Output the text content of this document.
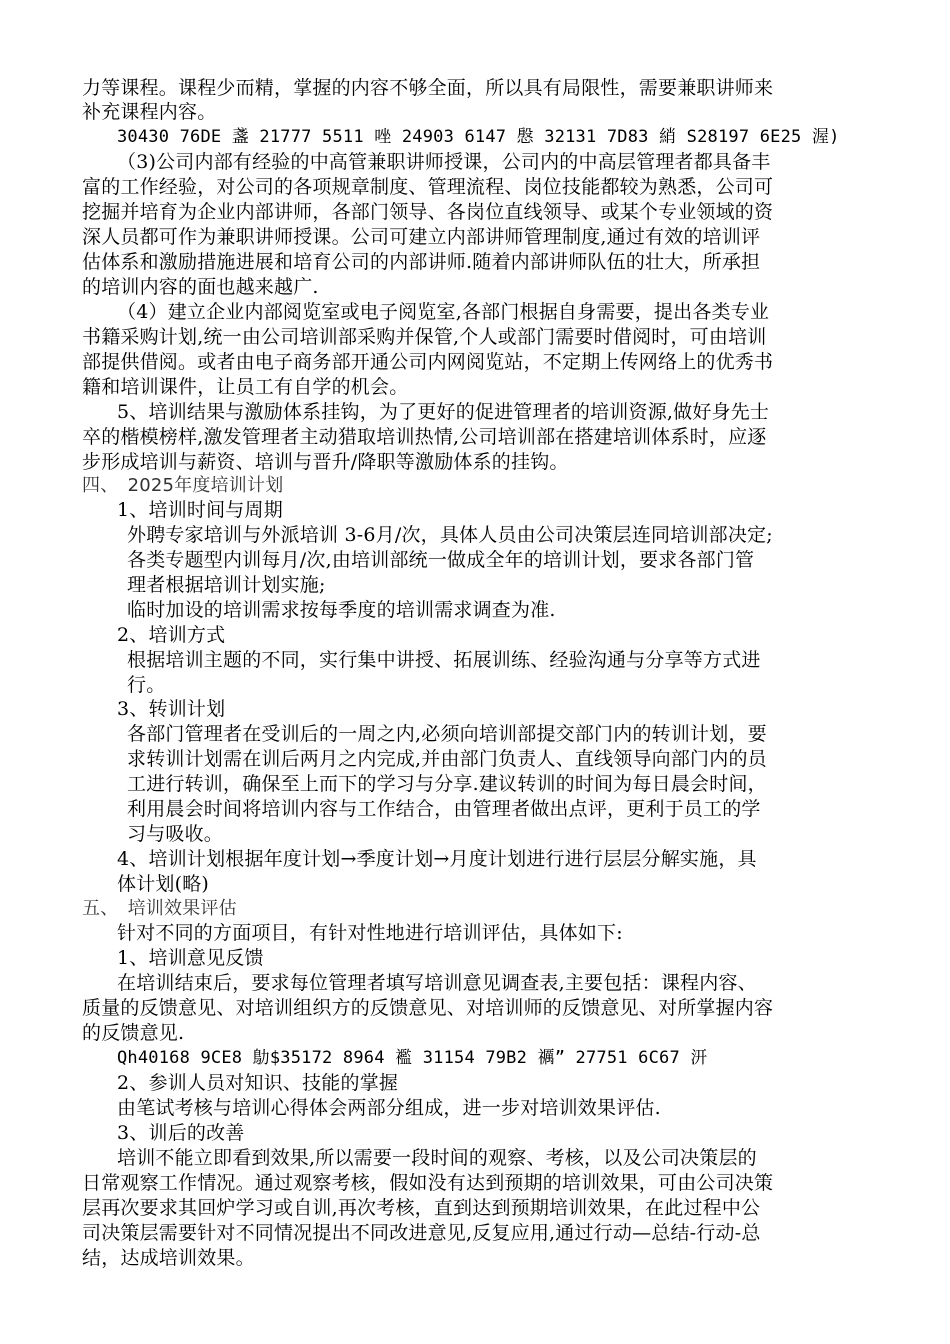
力等课程。课程少而精，掌握的内容不够全面，所以具有局限性，需要兼职讲师来
补充课程内容。
30430 76DE 盞 21777 5511 唑 24903 6147 慇 32131 7D83 綃 S28197 6E25 渥)
（3)公司内部有经验的中高管兼职讲师授课，公司内的中高层管理者都具备丰
富的工作经验，对公司的各项规章制度、管理流程、岗位技能都较为熟悉，公司可
挖掘并培育为企业内部讲师，各部门领导、各岗位直线领导、或某个专业领域的资
深人员都可作为兼职讲师授课。公司可建立内部讲师管理制度,通过有效的培训评
估体系和激励措施进展和培育公司的内部讲师.随着内部讲师队伍的壮大，所承担
的培训内容的面也越来越广.
（4）建立企业内部阅览室或电子阅览室,各部门根据自身需要，提出各类专业
书籍采购计划,统一由公司培训部采购并保管,个人或部门需要时借阅时，可由培训
部提供借阅。或者由电子商务部开通公司内网阅览站，不定期上传网络上的优秀书
籍和培训课件，让员工有自学的机会。
5、培训结果与激励体系挂钩，为了更好的促进管理者的培训资源,做好身先士
卒的楷模榜样,激发管理者主动猎取培训热情,公司培训部在搭建培训体系时，应逐
步形成培训与薪资、培训与晋升/降职等激励体系的挂钩。
四、　2025年度培训计划
1、培训时间与周期
外聘专家培训与外派培训 3-6月/次，具体人员由公司决策层连同培训部决定;
各类专题型内训每月/次,由培训部统一做成全年的培训计划，要求各部门管
理者根据培训计划实施;
临时加设的培训需求按每季度的培训需求调查为准.
2、培训方式
根据培训主题的不同，实行集中讲授、拓展训练、经验沟通与分享等方式进
行。
3、转训计划
各部门管理者在受训后的一周之内,必须向培训部提交部门内的转训计划，要
求转训计划需在训后两月之内完成,并由部门负责人、直线领导向部门内的员
工进行转训，确保至上而下的学习与分享.建议转训的时间为每日晨会时间，
利用晨会时间将培训内容与工作结合，由管理者做出点评，更利于员工的学
习与吸收。
4、培训计划根据年度计划→季度计划→月度计划进行进行层层分解实施，具
体计划(略)
五、　培训效果评估
针对不同的方面项目，有针对性地进行培训评估，具体如下:
1、培训意见反馈
在培训结束后，要求每位管理者填写培训意见调查表,主要包括：课程内容、
质量的反馈意见、对培训组织方的反馈意见、对培训师的反馈意见、对所掌握内容
的反馈意见.
Qh40168 9CE8 鳨$35172 8964 襤 31154 79B2 禲” 27751 6C67 汧
2、参训人员对知识、技能的掌握
由笔试考核与培训心得体会两部分组成，进一步对培训效果评估.
3、训后的改善
培训不能立即看到效果,所以需要一段时间的观察、考核，以及公司决策层的
日常观察工作情况。通过观察考核，假如没有达到预期的培训效果，可由公司决策
层再次要求其回炉学习或自训,再次考核，直到达到预期培训效果，在此过程中公
司决策层需要针对不同情况提出不同改进意见,反复应用,通过行动—总结-行动-总
结，达成培训效果。
